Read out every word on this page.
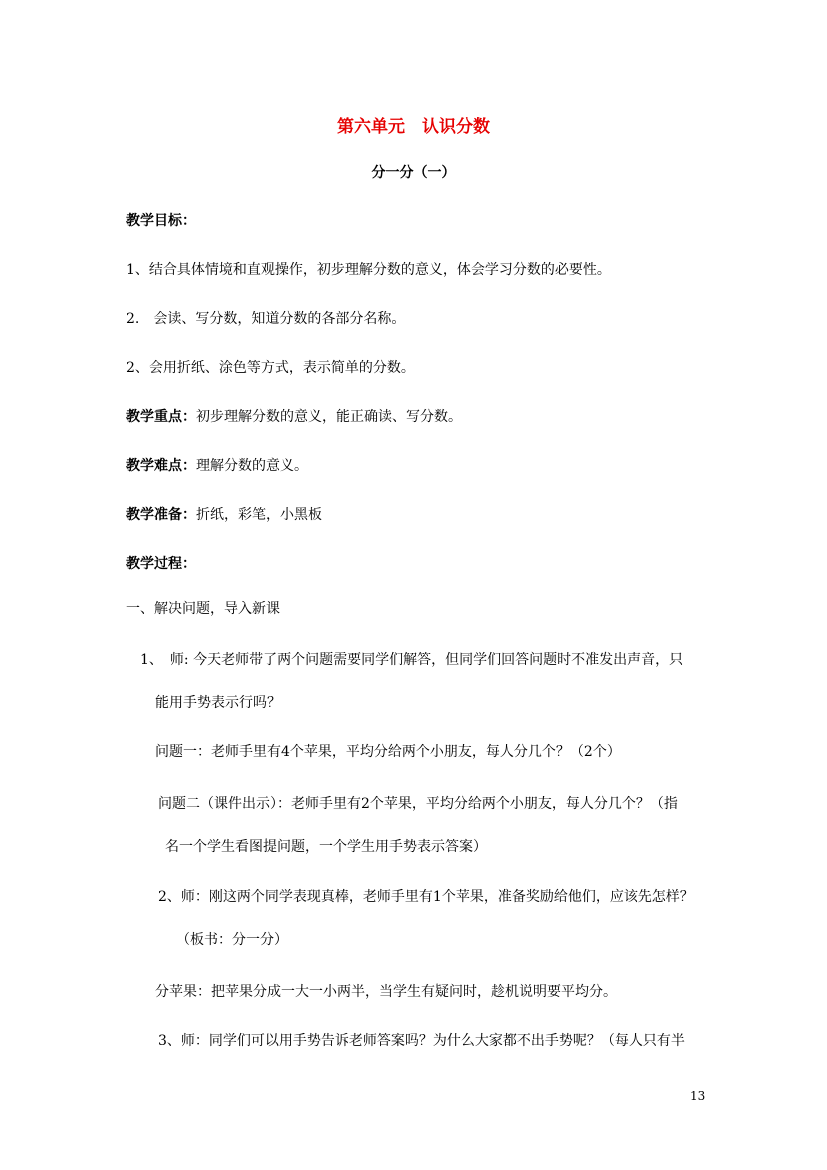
第六单元　认识分数
分一分（一）

教学目标：

1、结合具体情境和直观操作，初步理解分数的意义，体会学习分数的必要性。

2.　会读、写分数，知道分数的各部分名称。

2、会用折纸、涂色等方式，表示简单的分数。

教学重点：初步理解分数的意义，能正确读、写分数。

教学难点：理解分数的意义。

教学准备：折纸，彩笔，小黑板

教学过程：

一、解决问题，导入新课

1、　师: 今天老师带了两个问题需要同学们解答，但同学们回答问题时不准发出声音，只

能用手势表示行吗？

问题一：老师手里有4个苹果，平均分给两个小朋友，每人分几个？（2个）

问题二（课件出示）：老师手里有2个苹果，平均分给两个小朋友，每人分几个？（指

名一个学生看图提问题，一个学生用手势表示答案）

2、师：刚这两个同学表现真棒，老师手里有1个苹果，准备奖励给他们，应该先怎样？

（板书：分一分）

分苹果：把苹果分成一大一小两半，当学生有疑问时，趁机说明要平均分。

3、师：同学们可以用手势告诉老师答案吗？为什么大家都不出手势呢？（每人只有半

13
